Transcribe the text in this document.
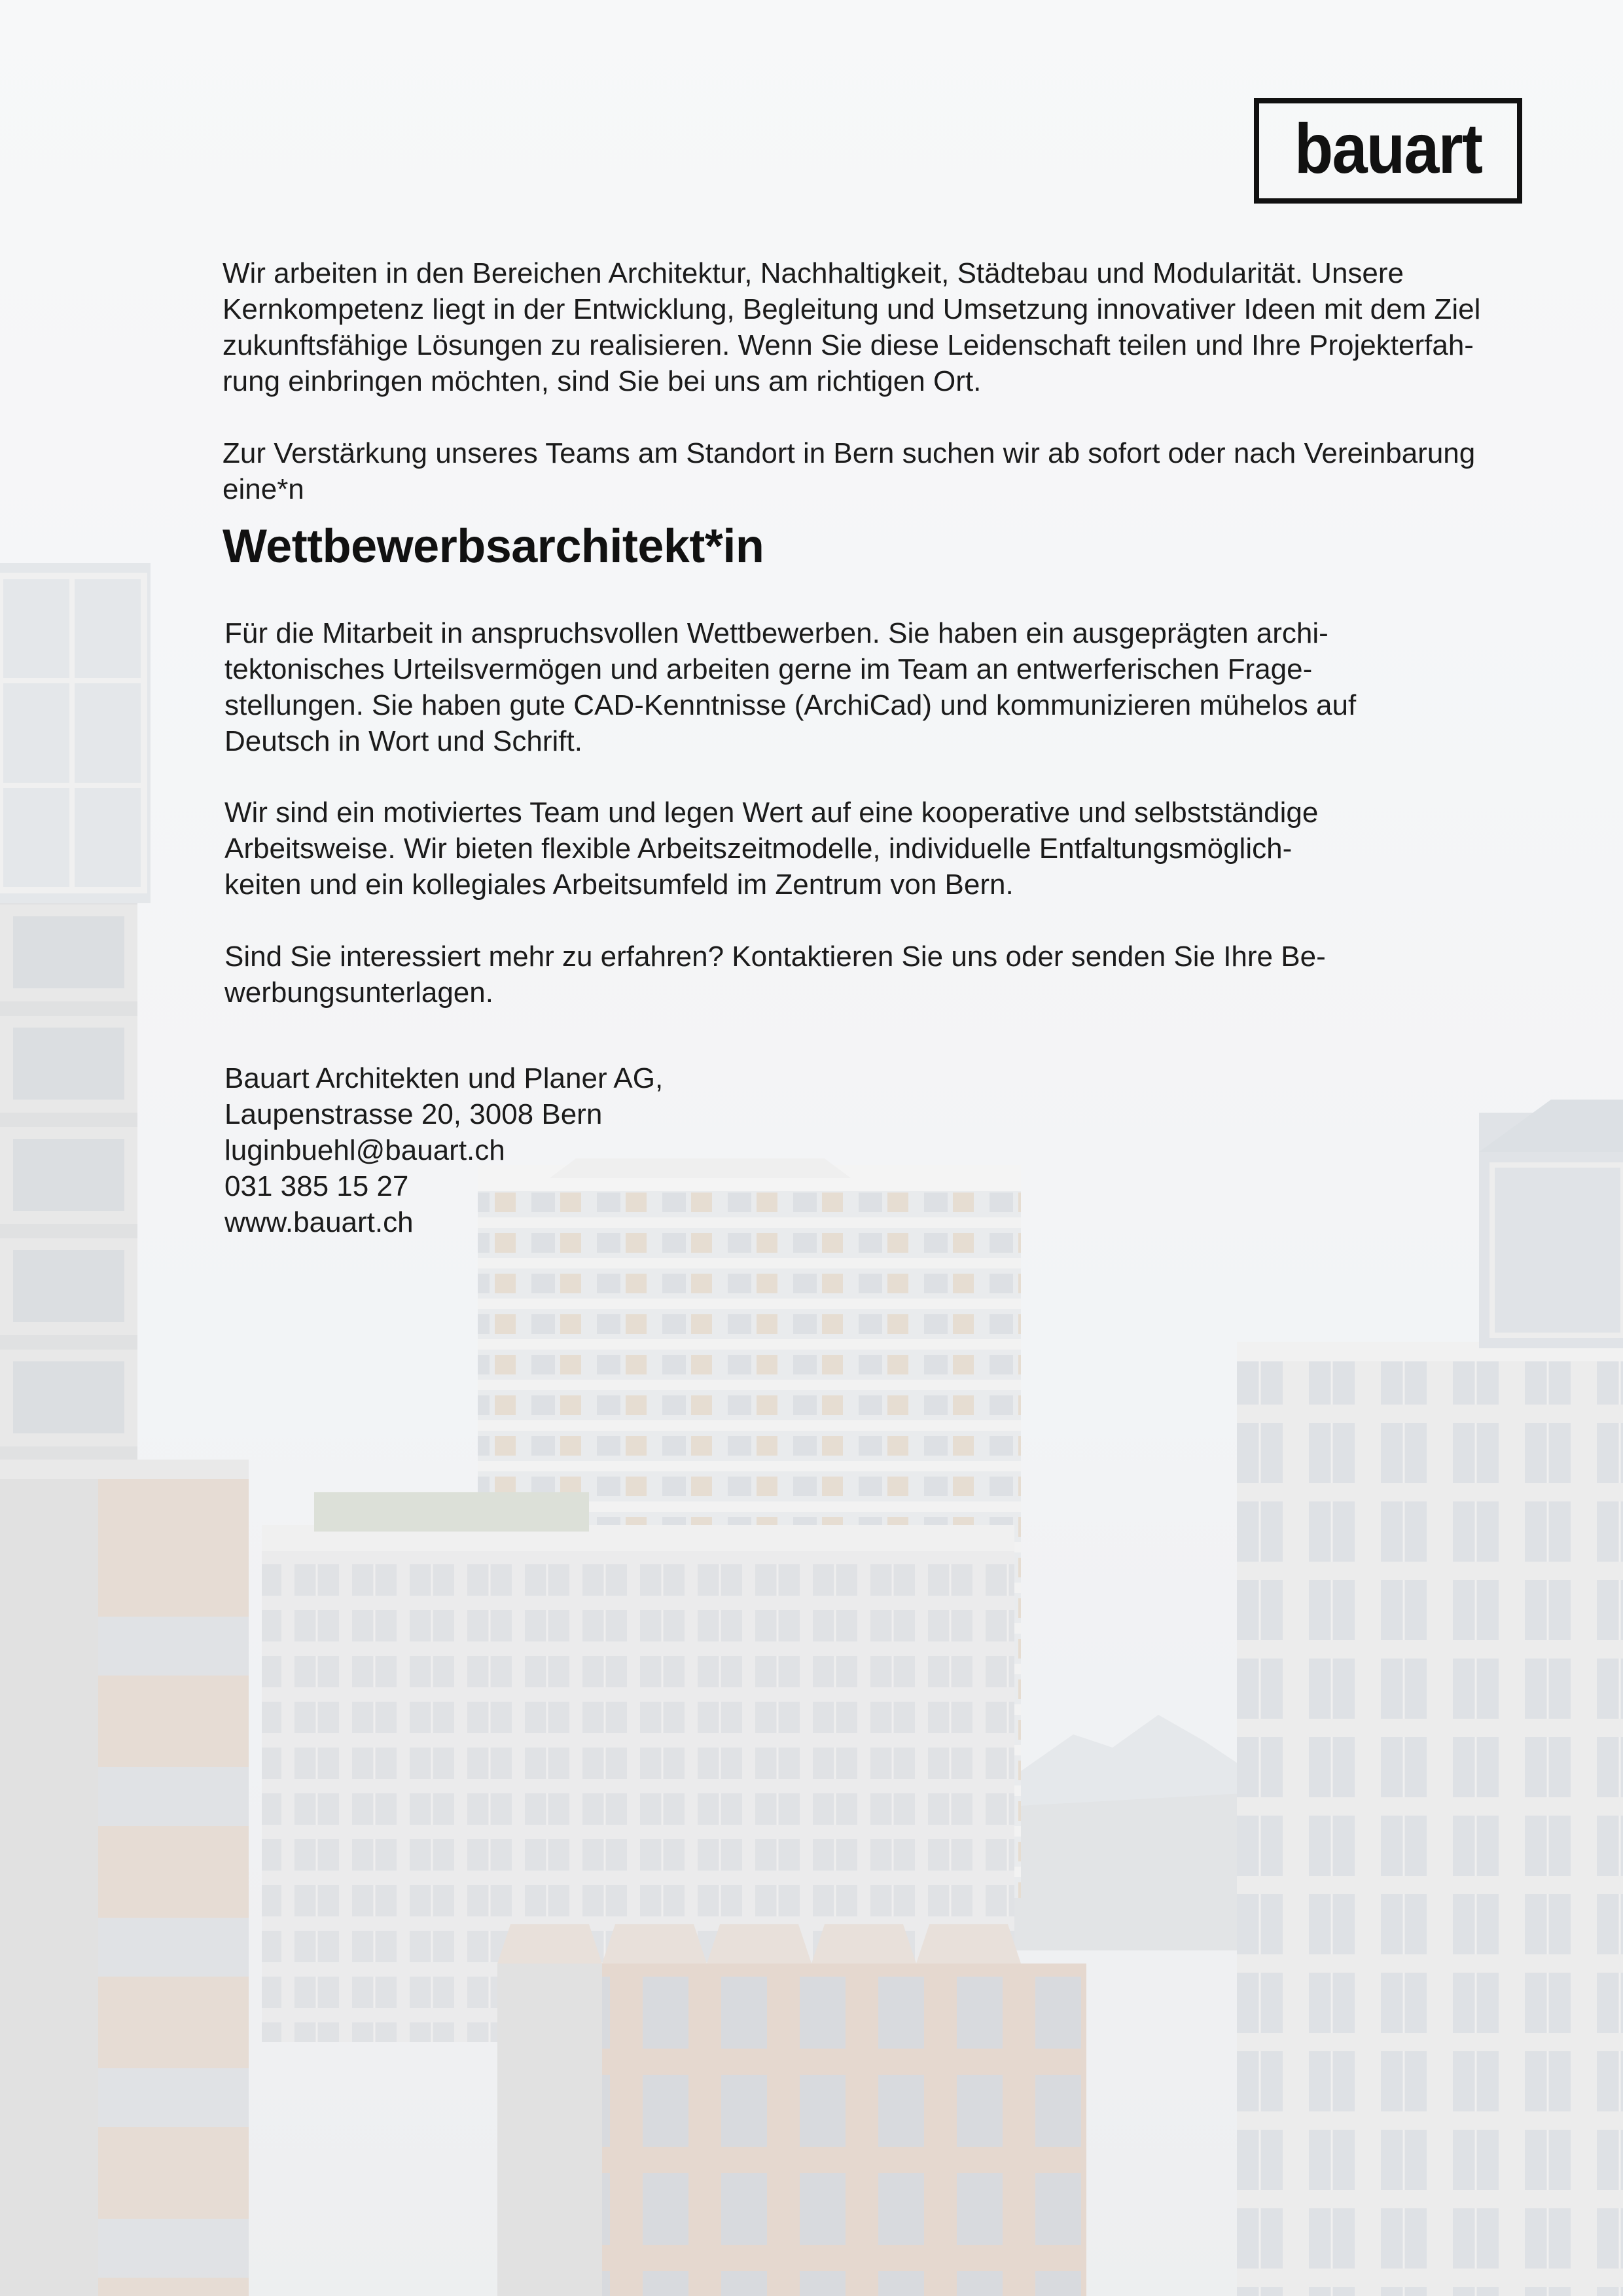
bauart

Wir arbeiten in den Bereichen Architektur, Nachhaltigkeit, Städtebau und Modularität. Unsere

Kernkompetenz liegt in der Entwicklung, Begleitung und Umsetzung innovativer Ideen mit dem Ziel

zukunftsfähige Lösungen zu realisieren. Wenn Sie diese Leidenschaft teilen und Ihre Projekterfah-

rung einbringen möchten, sind Sie bei uns am richtigen Ort.

Zur Verstärkung unseres Teams am Standort in Bern suchen wir ab sofort oder nach Vereinbarung

eine*n

Wettbewerbsarchitekt*in

Für die Mitarbeit in anspruchsvollen Wettbewerben. Sie haben ein ausgeprägten archi-

tektonisches Urteilsvermögen und arbeiten gerne im Team an entwerferischen Frage-

stellungen. Sie haben gute CAD-Kenntnisse (ArchiCad) und kommunizieren mühelos auf

Deutsch in Wort und Schrift.

Wir sind ein motiviertes Team und legen Wert auf eine kooperative und selbstständige

Arbeitsweise. Wir bieten flexible Arbeitszeitmodelle, individuelle Entfaltungsmöglich-

keiten und ein kollegiales Arbeitsumfeld im Zentrum von Bern.

Sind Sie interessiert mehr zu erfahren? Kontaktieren Sie uns oder senden Sie Ihre Be-

werbungsunterlagen.

Bauart Architekten und Planer AG,

Laupenstrasse 20, 3008 Bern

luginbuehl@bauart.ch

031 385 15 27

www.bauart.ch
